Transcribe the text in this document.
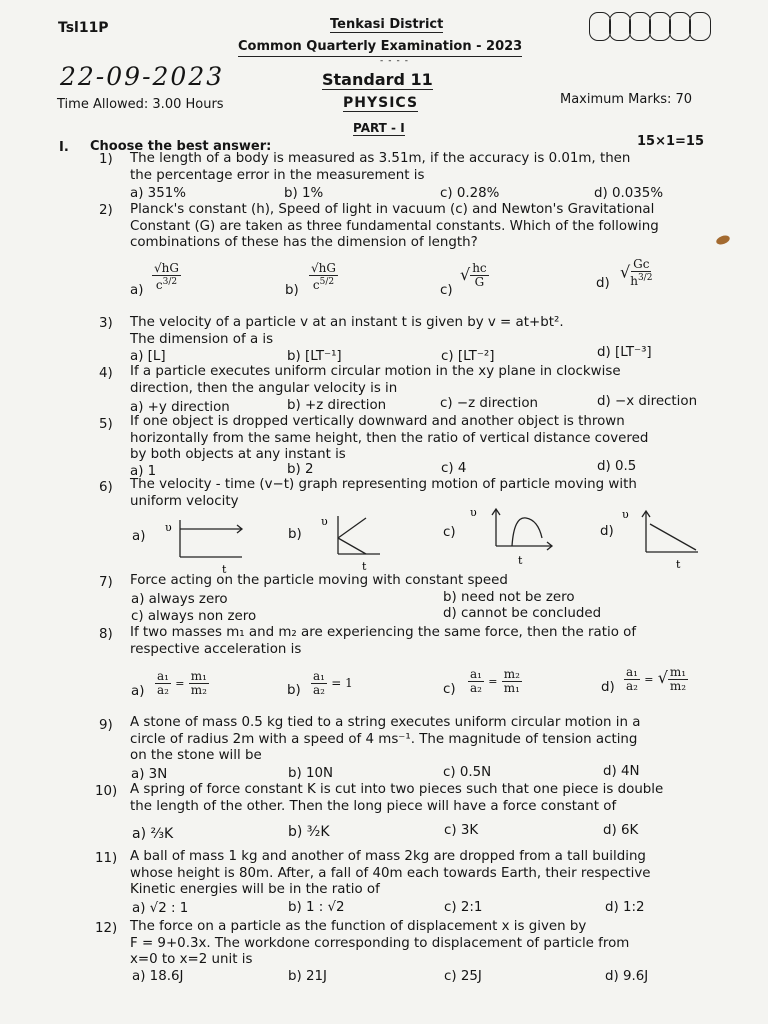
Tsl11P	Tenkasi District
Common Quarterly Examination - 2023
----
22-09-2023	Standard 11
Time Allowed: 3.00 Hours	PHYSICS	Maximum Marks: 70
PART - I
I. Choose the best answer:	15×1=15
1) The length of a body is measured as 3.51m, if the accuracy is 0.01m, then
the percentage error in the measurement is
a) 351%	b) 1%	c) 0.28%	d) 0.035%
2) Planck's constant (h), Speed of light in vacuum (c) and Newton's Gravitational
Constant (G) are taken as three fundamental constants. Which of the following
combinations of these has the dimension of length?
$a) \frac{√hG}{c^{3/2}}$	$b) \frac{√hG}{c^{5/2}}$	c)
√ $\frac{hc}{G}$	d)
√ $\frac{Gc}{h^{3/2}}$
3) The velocity of a particle v at an instant t is given by v = at+bt².
The dimension of a is
a) [L]	b) [LT⁻¹]	c) [LT⁻²]	d) [LT⁻³]
4) If a particle executes uniform circular motion in the xy plane in clockwise
direction, then the angular velocity is in
a) +y direction	b) +z direction	c) −z direction	d) −x direction
5) If one object is dropped vertically downward and another object is thrown
horizontally from the same height, then the ratio of vertical distance covered
by both objects at any instant is
a) 1	b) 2	c) 4	d) 0.5
6) The velocity - time (v−t) graph representing motion of particle moving with
uniform velocity
a)	b)	c)	d)
υ
t
υ
t
υ
t
υ
t
7) Force acting on the particle moving with constant speed
a) always zero	b) need not be zero
c) always non zero	d) cannot be concluded
8) If two masses m₁ and m₂ are experiencing the same force, then the ratio of
respective acceleration is
$a) \frac{\text{a₁}}{\text{a₂}} = \frac{\text{m₁}}{\text{m₂}}$	$b) \frac{\text{a₁}}{\text{a₂}} = 1$	$c) \frac{\text{a₁}}{\text{a₂}} = \frac{\text{m₂}}{\text{m₁}}$	$d) \frac{\text{a₁}}{\text{a₂}}$ = √ $\frac{\text{m₁}}{\text{m₂}}$
9) A stone of mass 0.5 kg tied to a string executes uniform circular motion in a
circle of radius 2m with a speed of 4 ms⁻¹. The magnitude of tension acting
on the stone will be
a) 3N	b) 10N	c) 0.5N	d) 4N
10) A spring of force constant K is cut into two pieces such that one piece is double
the length of the other. Then the long piece will have a force constant of
a) ⅔K	b) ³⁄₂K	c) 3K	d) 6K
11) A ball of mass 1 kg and another of mass 2kg are dropped from a tall building
whose height is 80m. After, a fall of 40m each towards Earth, their respective
Kinetic energies will be in the ratio of
a) √2 : 1	b) 1 : √2	c) 2:1	d) 1:2
12) The force on a particle as the function of displacement x is given by
F = 9+0.3x. The workdone corresponding to displacement of particle from
x=0 to x=2 unit is
a) 18.6J	b) 21J	c) 25J	d) 9.6J
